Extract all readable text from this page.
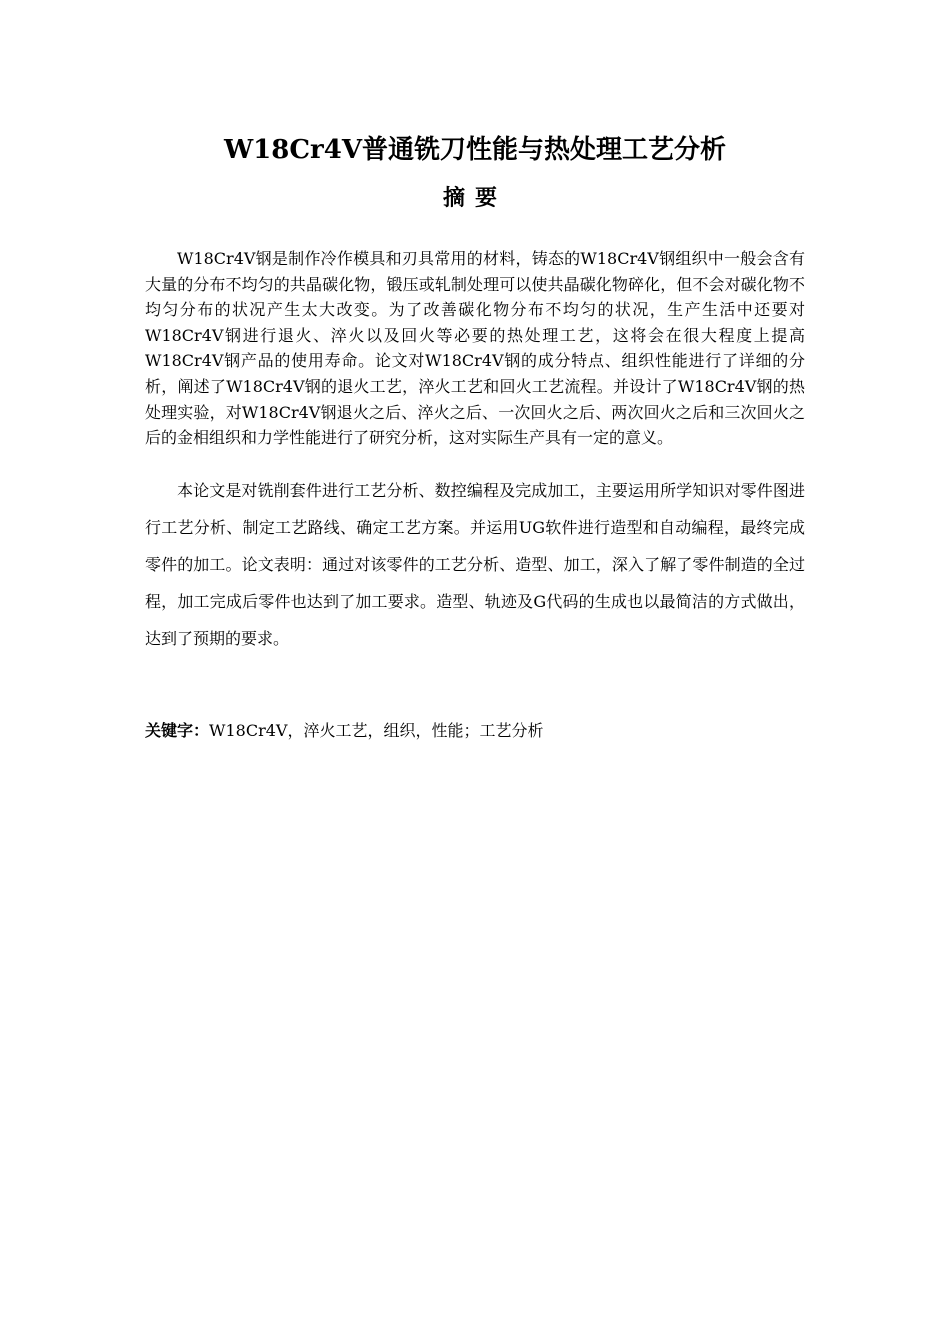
W18Cr4V普通铣刀性能与热处理工艺分析
摘要

W18Cr4V钢是制作冷作模具和刃具常用的材料，铸态的W18Cr4V钢组织中一般会含有大量的分布不均匀的共晶碳化物，锻压或轧制处理可以使共晶碳化物碎化，但不会对碳化物不均匀分布的状况产生太大改变。为了改善碳化物分布不均匀的状况，生产生活中还要对W18Cr4V钢进行退火、淬火以及回火等必要的热处理工艺，这将会在很大程度上提高W18Cr4V钢产品的使用寿命。论文对W18Cr4V钢的成分特点、组织性能进行了详细的分析，阐述了W18Cr4V钢的退火工艺，淬火工艺和回火工艺流程。并设计了W18Cr4V钢的热处理实验，对W18Cr4V钢退火之后、淬火之后、一次回火之后、两次回火之后和三次回火之后的金相组织和力学性能进行了研究分析，这对实际生产具有一定的意义。

本论文是对铣削套件进行工艺分析、数控编程及完成加工，主要运用所学知识对零件图进行工艺分析、制定工艺路线、确定工艺方案。并运用UG软件进行造型和自动编程，最终完成零件的加工。论文表明：通过对该零件的工艺分析、造型、加工，深入了解了零件制造的全过程，加工完成后零件也达到了加工要求。造型、轨迹及G代码的生成也以最简洁的方式做出，达到了预期的要求。

关键字：W18Cr4V，淬火工艺，组织，性能；工艺分析
